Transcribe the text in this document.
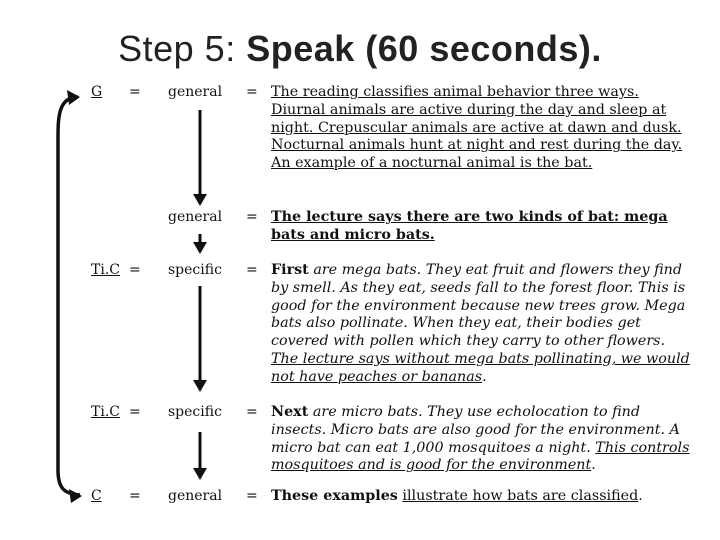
Step 5: Speak (60 seconds).
G = general = The reading classifies animal behavior three ways. Diurnal animals are active during the day and sleep at night. Crepuscular animals are active at dawn and dusk. Nocturnal animals hunt at night and rest during the day. An example of a nocturnal animal is the bat.
general = The lecture says there are two kinds of bat: mega bats and micro bats.
Ti.C = specific = First are mega bats. They eat fruit and flowers they find by smell. As they eat, seeds fall to the forest floor. This is good for the environment because new trees grow. Mega bats also pollinate. When they eat, their bodies get covered with pollen which they carry to other flowers. The lecture says without mega bats pollinating, we would not have peaches or bananas.
Ti.C = specific = Next are micro bats. They use echolocation to find insects. Micro bats are also good for the environment. A micro bat can eat 1,000 mosquitoes a night. This controls mosquitoes and is good for the environment.
C = general = These examples illustrate how bats are classified.
